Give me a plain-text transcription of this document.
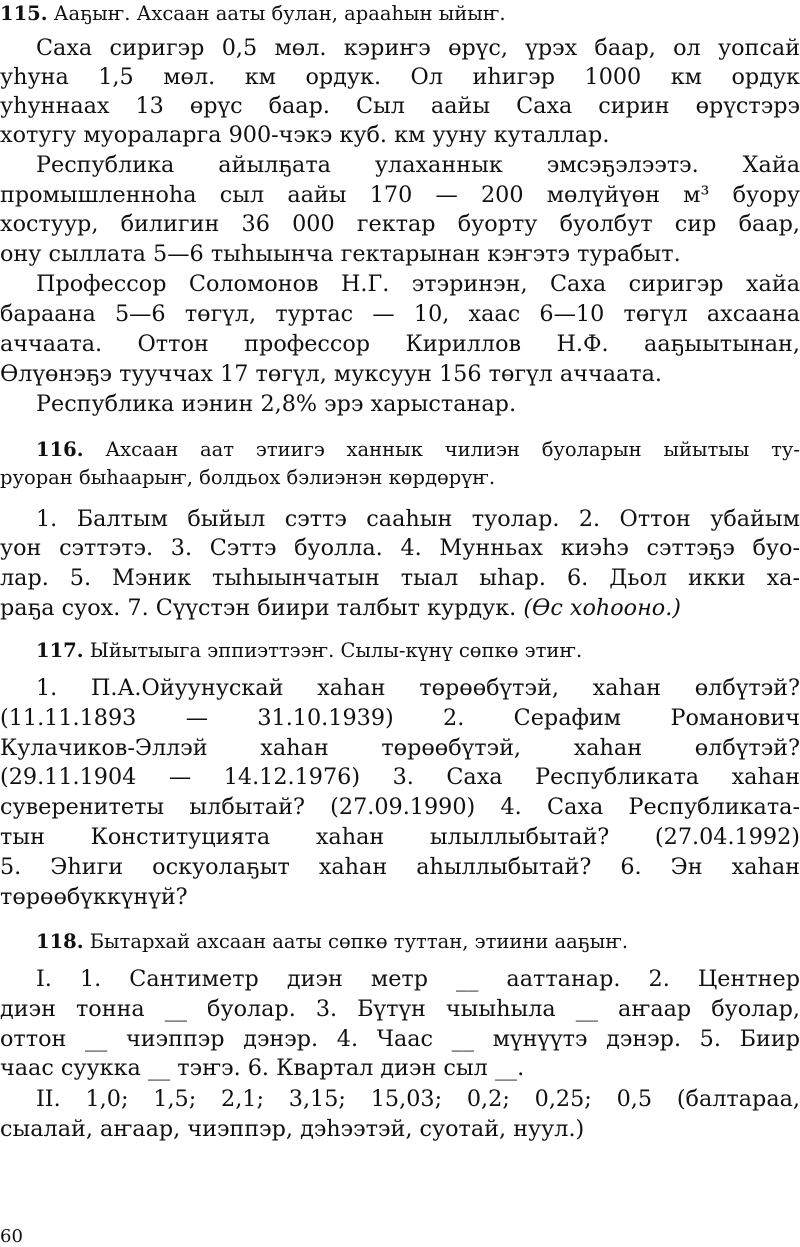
115. Ааҕыҥ. Ахсаан ааты булан, арааһын ыйыҥ.
Саха сиригэр 0,5 мөл. кэриҥэ өрүс, үрэх баар, ол уопсай
уһуна 1,5 мөл. км ордук. Ол иһигэр 1000 км ордук
уһуннаах 13 өрүс баар. Сыл аайы Саха сирин өрүстэрэ
хотугу муораларга 900-чэкэ куб. км ууну куталлар.
Республика айылҕата улаханнык эмсэҕэлээтэ. Хайа
промышленноһа сыл аайы 170 — 200 мөлүйүөн м³ буору
хостуур, билигин 36 000 гектар буорту буолбут сир баар,
ону сыллата 5—6 тыһыынча гектарынан кэҥэтэ турабыт.
Профессор Соломонов Н.Г. этэринэн, Саха сиригэр хайа
бараана 5—6 төгүл, туртас — 10, хаас 6—10 төгүл ахсаана
аччаата. Оттон профессор Кириллов Н.Ф. ааҕыытынан,
Өлүөнэҕэ тууччах 17 төгүл, муксуун 156 төгүл аччаата.
Республика иэнин 2,8% эрэ харыстанар.
116. Ахсаан аат этиигэ ханнык чилиэн буоларын ыйытыы ту-
руоран быһаарыҥ, болдьох бэлиэнэн көрдөрүҥ.
1. Балтым быйыл сэттэ сааһын туолар. 2. Оттон убайым
уон сэттэтэ. 3. Сэттэ буолла. 4. Мунньах киэһэ сэттэҕэ буо-
лар. 5. Мэник тыһыынчатын тыал ыһар. 6. Дьол икки ха-
раҕа суох. 7. Сүүстэн биири талбыт курдук. (Өс хоһооно.)
117. Ыйытыыга эппиэттээҥ. Сылы-күнү сөпкө этиҥ.
1. П.А.Ойуунускай хаһан төрөөбүтэй, хаһан өлбүтэй?
(11.11.1893 — 31.10.1939) 2. Серафим Романович
Кулачиков-Эллэй хаһан төрөөбүтэй, хаһан өлбүтэй?
(29.11.1904 — 14.12.1976) 3. Саха Республиката хаһан
суверенитеты ылбытай? (27.09.1990) 4. Саха Республиката-
тын Конституцията хаһан ылыллыбытай? (27.04.1992)
5. Эһиги оскуолаҕыт хаһан аһыллыбытай? 6. Эн хаһан
төрөөбүккүнүй?
118. Бытархай ахсаан ааты сөпкө туттан, этиини ааҕыҥ.
I. 1. Сантиметр диэн метр __ ааттанар. 2. Центнер
диэн тонна __ буолар. 3. Бүтүн чыыһыла __ аҥаар буолар,
оттон __ чиэппэр дэнэр. 4. Чаас __ мүнүүтэ дэнэр. 5. Биир
чаас суукка __ тэҥэ. 6. Квартал диэн сыл __.
II. 1,0; 1,5; 2,1; 3,15; 15,03; 0,2; 0,25; 0,5 (балтараа,
сыалай, аҥаар, чиэппэр, дэһээтэй, суотай, нуул.)
60
